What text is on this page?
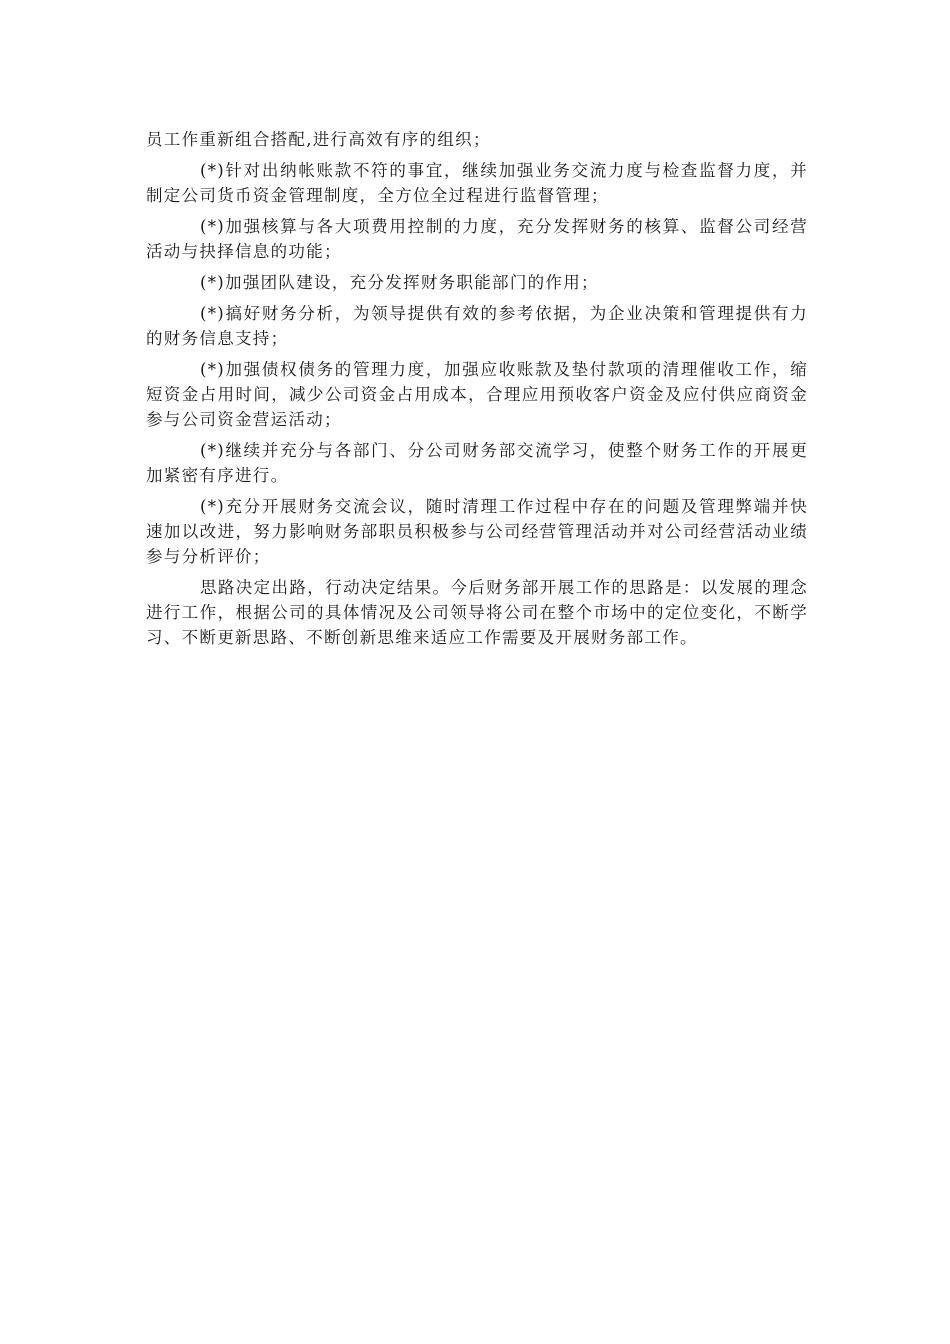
员工作重新组合搭配,进行高效有序的组织；

(*)针对出纳帐账款不符的事宜，继续加强业务交流力度与检查监督力度，并制定公司货币资金管理制度，全方位全过程进行监督管理；

(*)加强核算与各大项费用控制的力度，充分发挥财务的核算、监督公司经营活动与抉择信息的功能；

(*)加强团队建设，充分发挥财务职能部门的作用；

(*)搞好财务分析，为领导提供有效的参考依据，为企业决策和管理提供有力的财务信息支持；

(*)加强债权债务的管理力度，加强应收账款及垫付款项的清理催收工作，缩短资金占用时间，减少公司资金占用成本，合理应用预收客户资金及应付供应商资金参与公司资金营运活动；

(*)继续并充分与各部门、分公司财务部交流学习，使整个财务工作的开展更加紧密有序进行。

(*)充分开展财务交流会议，随时清理工作过程中存在的问题及管理弊端并快速加以改进，努力影响财务部职员积极参与公司经营管理活动并对公司经营活动业绩参与分析评价；

思路决定出路，行动决定结果。今后财务部开展工作的思路是：以发展的理念进行工作，根据公司的具体情况及公司领导将公司在整个市场中的定位变化，不断学习、不断更新思路、不断创新思维来适应工作需要及开展财务部工作。
